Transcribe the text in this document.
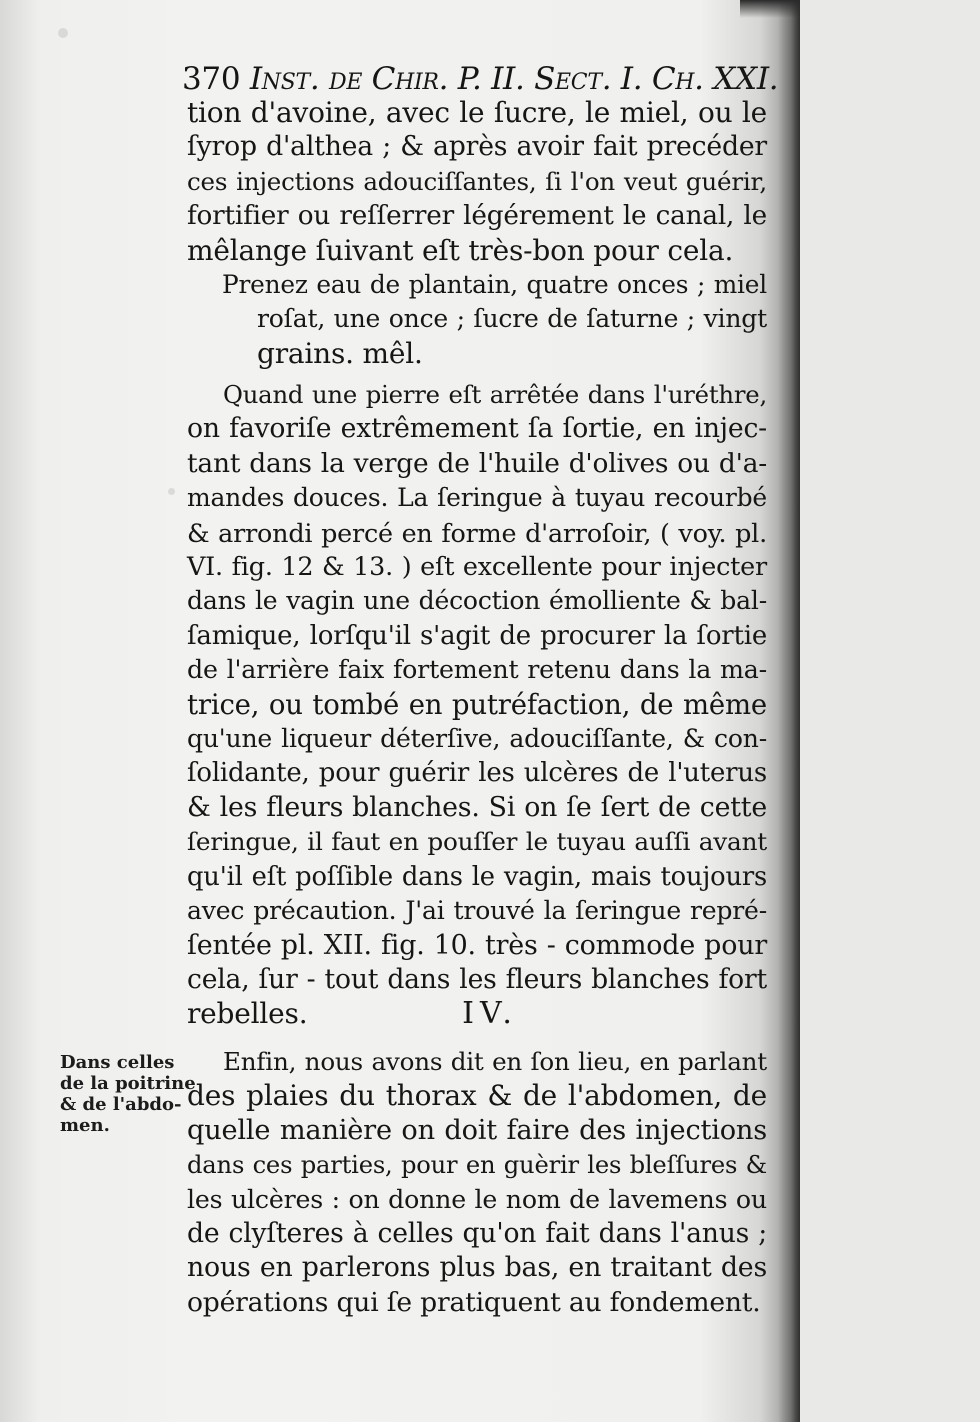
370 Inst. de Chir. P. II. Sect. I. Ch. XXI.
tion d'avoine, avec le ſucre, le miel, ou le
ſyrop d'althea ; & après avoir fait precéder
ces injections adouciſſantes, ſi l'on veut guérir,
fortifier ou reſſerrer légérement le canal, le
mêlange ſuivant eſt très-bon pour cela.
Prenez eau de plantain, quatre onces ; miel
roſat, une once ; ſucre de ſaturne ; vingt
grains. mêl.
Quand une pierre eſt arrêtée dans l'uréthre,
on favoriſe extrêmement ſa ſortie, en injec-
tant dans la verge de l'huile d'olives ou d'a-
mandes douces. La ſeringue à tuyau recourbé
& arrondi percé en forme d'arroſoir, ( voy. pl.
VI. fig. 12 & 13. ) eſt excellente pour injecter
dans le vagin une décoction émolliente & bal-
ſamique, lorſqu'il s'agit de procurer la ſortie
de l'arrière faix fortement retenu dans la ma-
trice, ou tombé en putréfaction, de même
qu'une liqueur déterſive, adouciſſante, & con-
ſolidante, pour guérir les ulcères de l'uterus
& les fleurs blanches. Si on ſe ſert de cette
ſeringue, il faut en pouſſer le tuyau auſſi avant
qu'il eſt poſſible dans le vagin, mais toujours
avec précaution. J'ai trouvé la ſeringue repré-
ſentée pl. XII. fig. 10. très - commode pour
cela, ſur - tout dans les fleurs blanches fort
rebelles.	IV.
Dans celles
de la poitrine
& de l'abdo-
men.
Enfin, nous avons dit en ſon lieu, en parlant
des plaies du thorax & de l'abdomen, de
quelle manière on doit faire des injections
dans ces parties, pour en guèrir les bleſſures &
les ulcères : on donne le nom de lavemens ou
de clyſteres à celles qu'on fait dans l'anus ;
nous en parlerons plus bas, en traitant des
opérations qui ſe pratiquent au fondement.
